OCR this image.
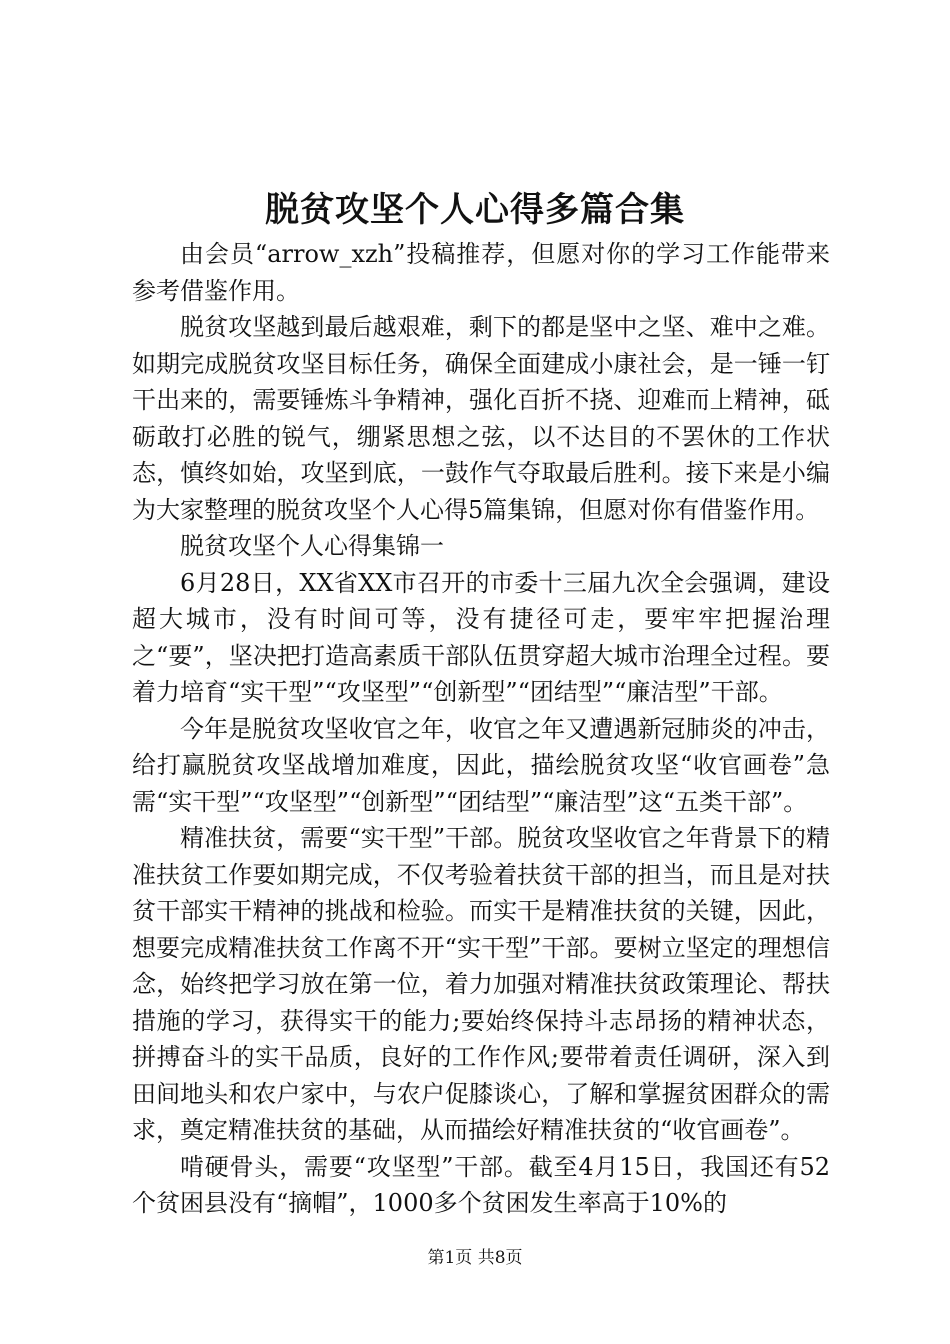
脱贫攻坚个人心得多篇合集

由会员“arrow_xzh”投稿推荐，但愿对你的学习工作能带来参考借鉴作用。

脱贫攻坚越到最后越艰难，剩下的都是坚中之坚、难中之难。如期完成脱贫攻坚目标任务，确保全面建成小康社会，是一锤一钉干出来的，需要锤炼斗争精神，强化百折不挠、迎难而上精神，砥砺敢打必胜的锐气，绷紧思想之弦，以不达目的不罢休的工作状态，慎终如始，攻坚到底，一鼓作气夺取最后胜利。接下来是小编为大家整理的脱贫攻坚个人心得5篇集锦，但愿对你有借鉴作用。

脱贫攻坚个人心得集锦一

6月28日，XX省XX市召开的市委十三届九次全会强调，建设超大城市，没有时间可等，没有捷径可走，要牢牢把握治理之“要”，坚决把打造高素质干部队伍贯穿超大城市治理全过程。要着力培育“实干型”“攻坚型”“创新型”“团结型”“廉洁型”干部。

今年是脱贫攻坚收官之年，收官之年又遭遇新冠肺炎的冲击，给打赢脱贫攻坚战增加难度，因此，描绘脱贫攻坚“收官画卷”急需“实干型”“攻坚型”“创新型”“团结型”“廉洁型”这“五类干部”。

精准扶贫，需要“实干型”干部。脱贫攻坚收官之年背景下的精准扶贫工作要如期完成，不仅考验着扶贫干部的担当，而且是对扶贫干部实干精神的挑战和检验。而实干是精准扶贫的关键，因此，想要完成精准扶贫工作离不开“实干型”干部。要树立坚定的理想信念，始终把学习放在第一位，着力加强对精准扶贫政策理论、帮扶措施的学习，获得实干的能力;要始终保持斗志昂扬的精神状态，拼搏奋斗的实干品质，良好的工作作风;要带着责任调研，深入到田间地头和农户家中，与农户促膝谈心，了解和掌握贫困群众的需求，奠定精准扶贫的基础，从而描绘好精准扶贫的“收官画卷”。

啃硬骨头，需要“攻坚型”干部。截至4月15日，我国还有52个贫困县没有“摘帽”，1000多个贫困发生率高于10%的

第1页 共8页
